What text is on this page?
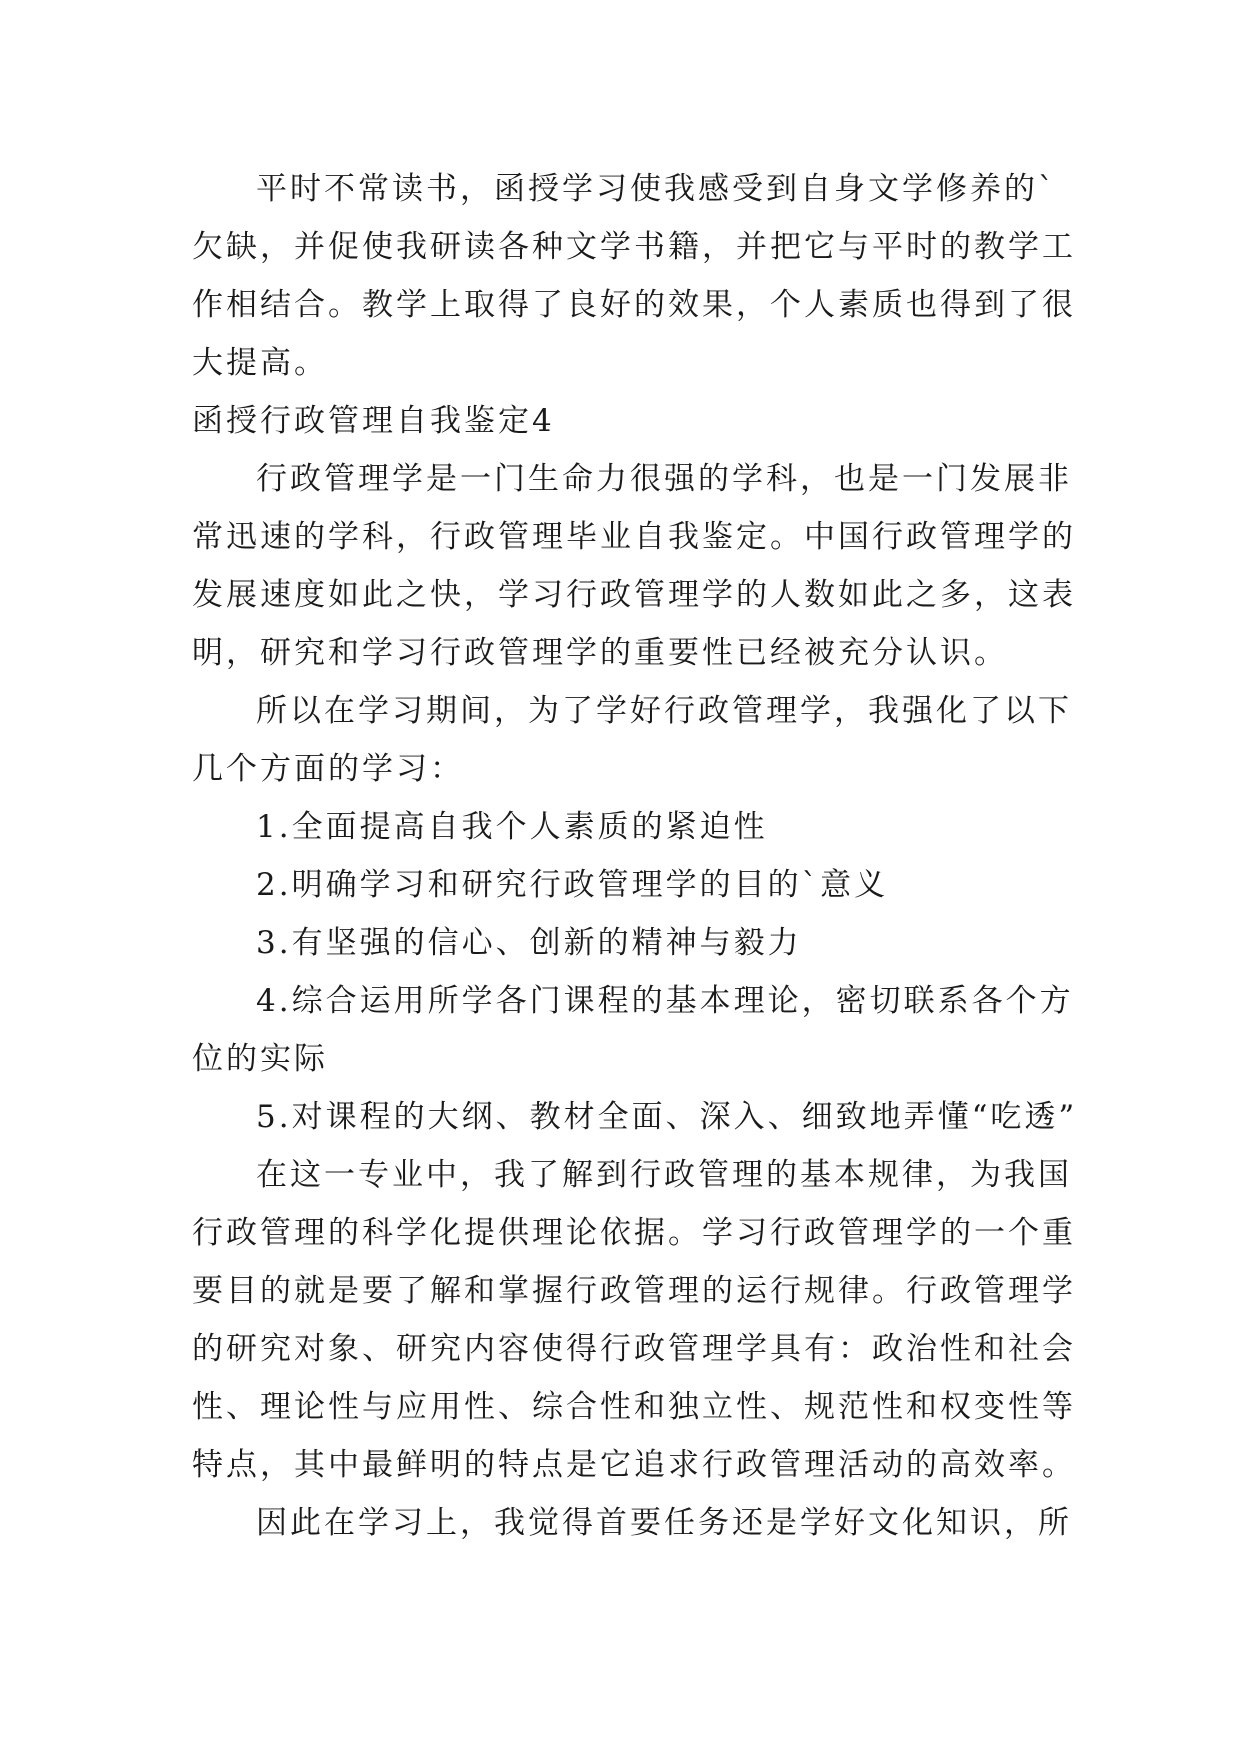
平时不常读书，函授学习使我感受到自身文学修养的`
欠缺，并促使我研读各种文学书籍，并把它与平时的教学工
作相结合。教学上取得了良好的效果，个人素质也得到了很
大提高。
函授行政管理自我鉴定4
行政管理学是一门生命力很强的学科，也是一门发展非
常迅速的学科，行政管理毕业自我鉴定。中国行政管理学的
发展速度如此之快，学习行政管理学的人数如此之多，这表
明，研究和学习行政管理学的重要性已经被充分认识。
所以在学习期间，为了学好行政管理学，我强化了以下
几个方面的学习：
1.全面提高自我个人素质的紧迫性
2.明确学习和研究行政管理学的目的`意义
3.有坚强的信心、创新的精神与毅力
4.综合运用所学各门课程的基本理论，密切联系各个方
位的实际
5.对课程的大纲、教材全面、深入、细致地弄懂“吃透”
在这一专业中，我了解到行政管理的基本规律，为我国
行政管理的科学化提供理论依据。学习行政管理学的一个重
要目的就是要了解和掌握行政管理的运行规律。行政管理学
的研究对象、研究内容使得行政管理学具有：政治性和社会
性、理论性与应用性、综合性和独立性、规范性和权变性等
特点，其中最鲜明的特点是它追求行政管理活动的高效率。
因此在学习上，我觉得首要任务还是学好文化知识，所
